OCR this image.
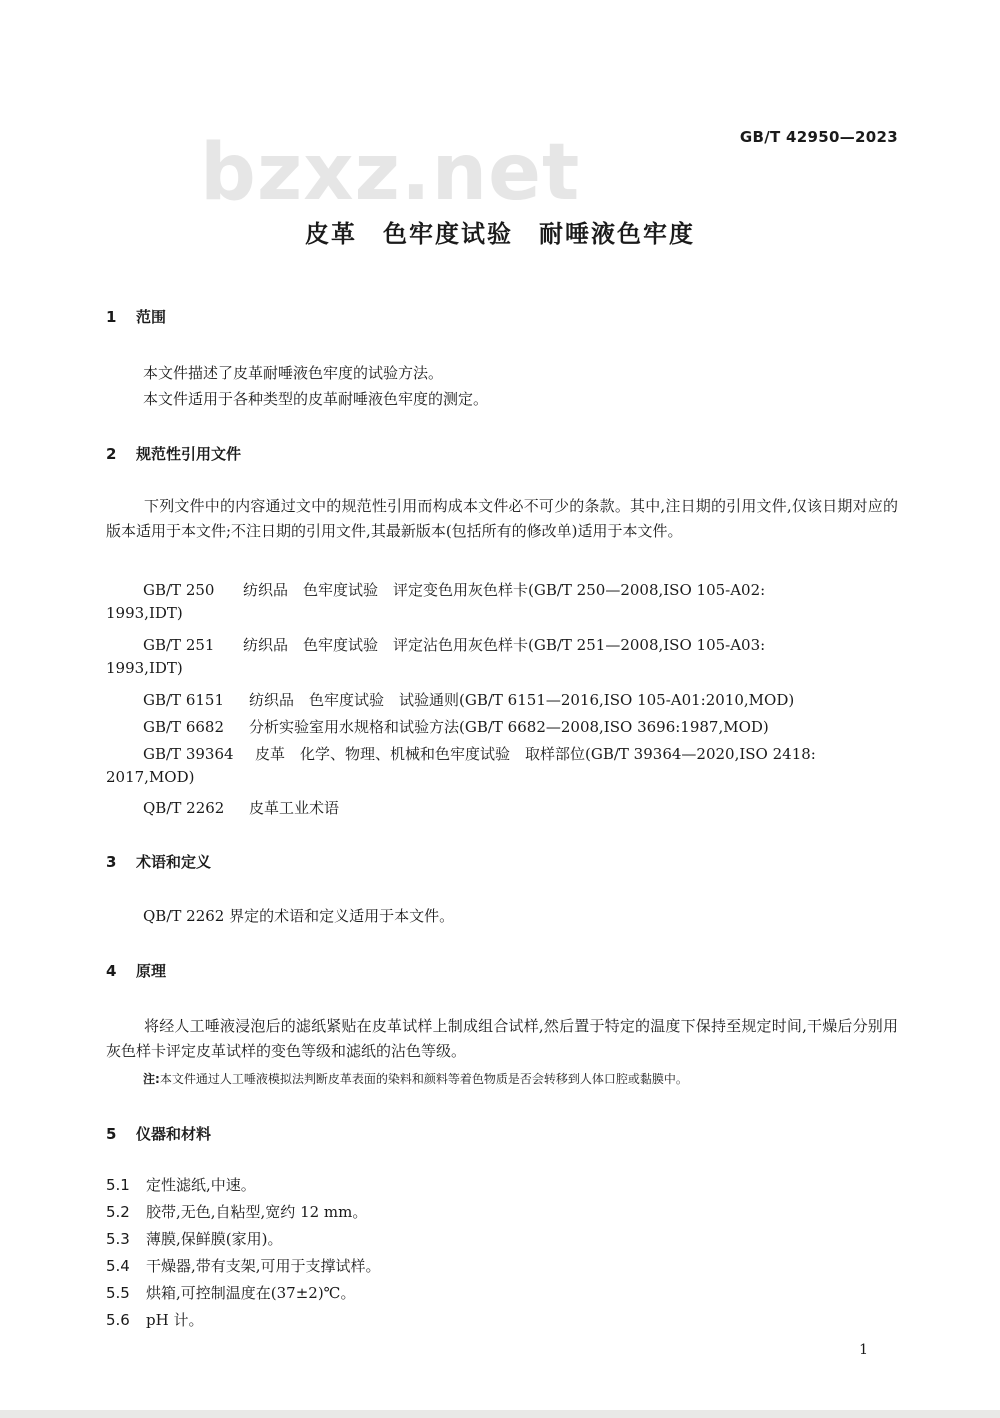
bzxz.net	GB/T 42950—2023
皮革　色牢度试验　耐唾液色牢度
1 范围
本文件描述了皮革耐唾液色牢度的试验方法。
本文件适用于各种类型的皮革耐唾液色牢度的测定。
2 规范性引用文件
下列文件中的内容通过文中的规范性引用而构成本文件必不可少的条款。其中,注日期的引用文件,仅该日期对应的版本适用于本文件;不注日期的引用文件,其最新版本(包括所有的修改单)适用于本文件。
GB/T 250 纺织品　色牢度试验　评定变色用灰色样卡(GB/T 250—2008,ISO 105-A02:
1993,IDT)
GB/T 251 纺织品　色牢度试验　评定沾色用灰色样卡(GB/T 251—2008,ISO 105-A03:
1993,IDT)
GB/T 6151 纺织品　色牢度试验　试验通则(GB/T 6151—2016,ISO 105-A01:2010,MOD)
GB/T 6682 分析实验室用水规格和试验方法(GB/T 6682—2008,ISO 3696:1987,MOD)
GB/T 39364 皮革　化学、物理、机械和色牢度试验　取样部位(GB/T 39364—2020,ISO 2418:
2017,MOD)
QB/T 2262 皮革工业术语
3 术语和定义
QB/T 2262 界定的术语和定义适用于本文件。
4 原理
将经人工唾液浸泡后的滤纸紧贴在皮革试样上制成组合试样,然后置于特定的温度下保持至规定时间,干燥后分别用灰色样卡评定皮革试样的变色等级和滤纸的沾色等级。
注:本文件通过人工唾液模拟法判断皮革表面的染料和颜料等着色物质是否会转移到人体口腔或黏膜中。
5 仪器和材料
5.1 定性滤纸,中速。
5.2 胶带,无色,自粘型,宽约 12 mm。
5.3 薄膜,保鲜膜(家用)。
5.4 干燥器,带有支架,可用于支撑试样。
5.5 烘箱,可控制温度在(37±2)℃。
5.6 pH 计。
1
